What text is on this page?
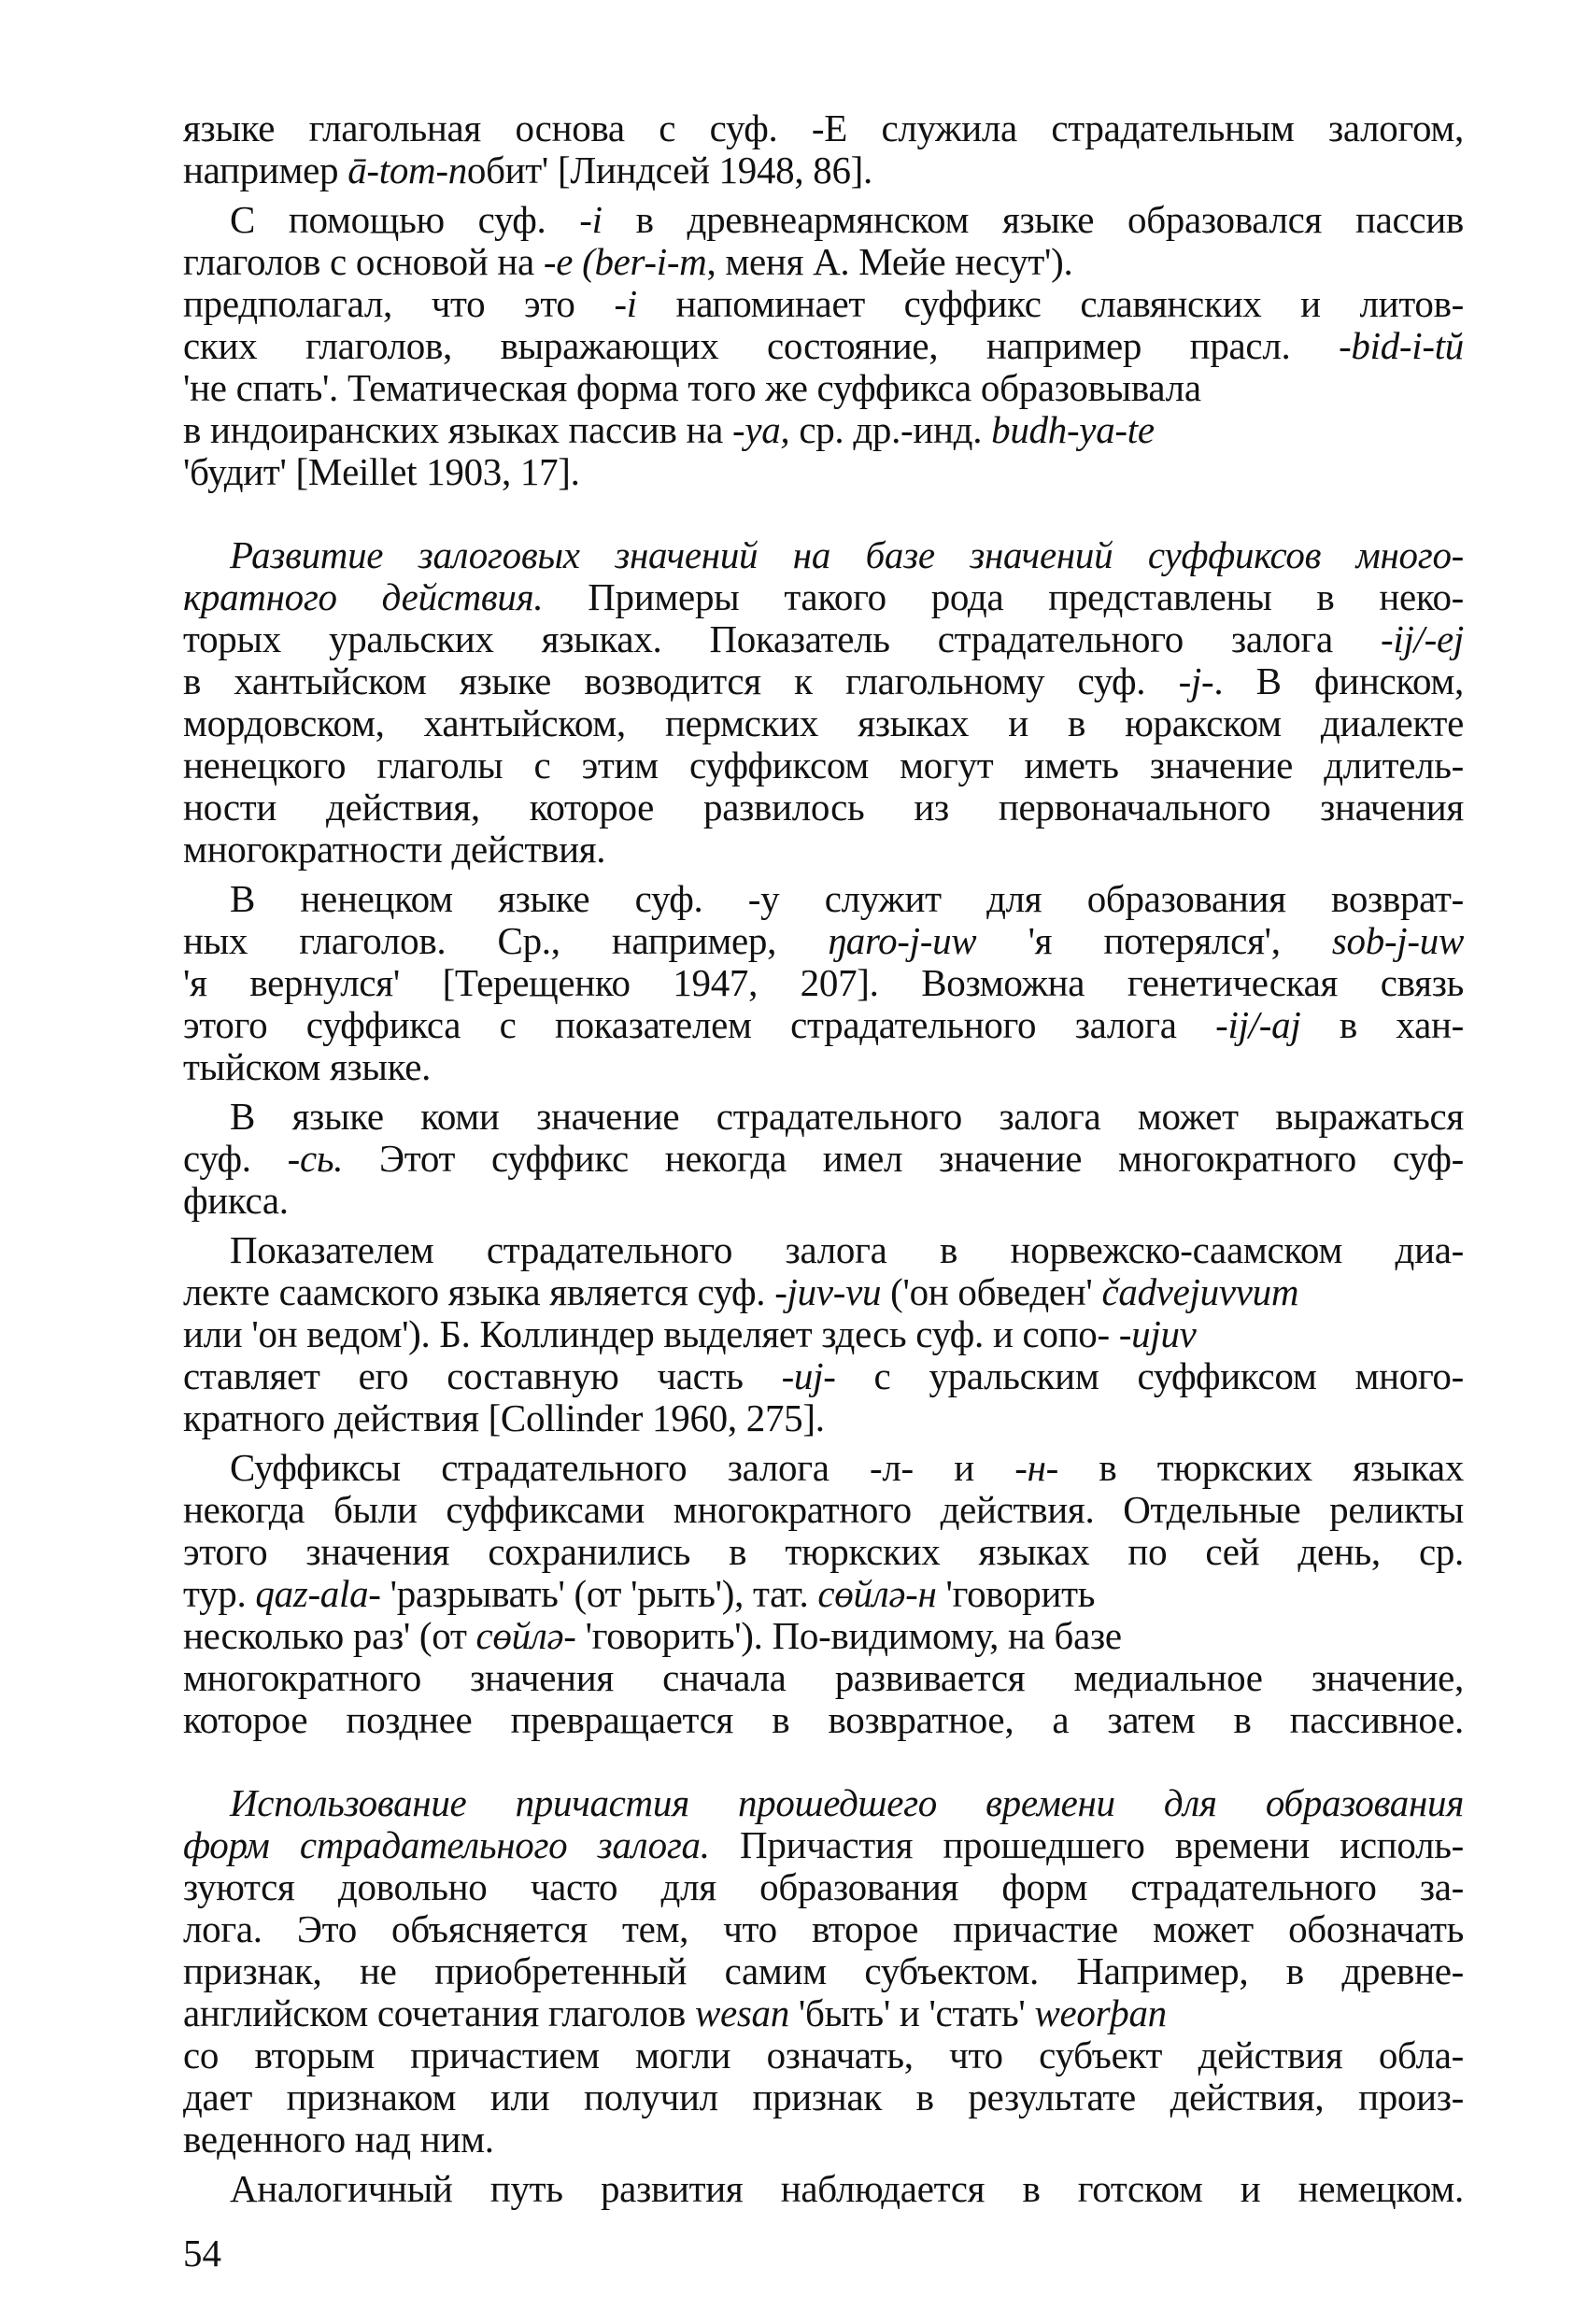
языке глагольная основа с суф. -Е служила страдательным залогом,
например ā-tom-nобит' [Линдсей 1948, 86].
С помощью суф. -i в древнеармянском языке образовался пассив
глаголов с основой на -e (ber-i-m, меня А. Мейе несут').
предполагал, что это -i напоминает суффикс славянских и литов-
ских глаголов, выражающих состояние, например прасл. -bid-i-tŭ
'не спать'. Тематическая форма того же суффикса образовывала
в индоиранских языках пассив на -ya, ср. др.-инд. budh-ya-te
'будит' [Meillet 1903, 17].
Развитие залоговых значений на базе значений суффиксов много-
кратного действия. Примеры такого рода представлены в неко-
торых уральских языках. Показатель страдательного залога -ij/-ej
в хантыйском языке возводится к глагольному суф. -j-. В финском,
мордовском, хантыйском, пермских языках и в юракском диалекте
ненецкого глаголы с этим суффиксом могут иметь значение длитель-
ности действия, которое развилось из первоначального значения
многократности действия.
В ненецком языке суф. -у служит для образования возврат-
ных глаголов. Ср., например, ŋaro-j-uw 'я потерялся', sob-j-uw
'я вернулся' [Терещенко 1947, 207]. Возможна генетическая связь
этого суффикса с показателем страдательного залога -ij/-aj в хан-
тыйском языке.
В языке коми значение страдательного залога может выражаться
суф. -сь. Этот суффикс некогда имел значение многократного суф-
фикса.
Показателем страдательного залога в норвежско-саамском диа-
лекте саамского языка является суф. -juv-vu ('он обведен' čadvejuvvum
или 'он ведом'). Б. Коллиндер выделяет здесь суф. и сопо- -ujuv
ставляет его составную часть -uj- с уральским суффиксом много-
кратного действия [Collinder 1960, 275].
Суффиксы страдательного залога -л- и -н- в тюркских языках
некогда были суффиксами многократного действия. Отдельные реликты
этого значения сохранились в тюркских языках по сей день, ср.
тур. qaz-ala- 'разрывать' (от 'рыть'), тат. сөйлә-н 'говорить
несколько раз' (от сөйлә- 'говорить'). По-видимому, на базе
многократного значения сначала развивается медиальное значение,
которое позднее превращается в возвратное, а затем в пассивное.
Использование причастия прошедшего времени для образования
форм страдательного залога. Причастия прошедшего времени исполь-
зуются довольно часто для образования форм страдательного за-
лога. Это объясняется тем, что второе причастие может обозначать
признак, не приобретенный самим субъектом. Например, в древне-
английском сочетания глаголов wesan 'быть' и 'стать' weorþan
со вторым причастием могли означать, что субъект действия обла-
дает признаком или получил признак в результате действия, произ-
веденного над ним.
Аналогичный путь развития наблюдается в готском и немецком.
54
